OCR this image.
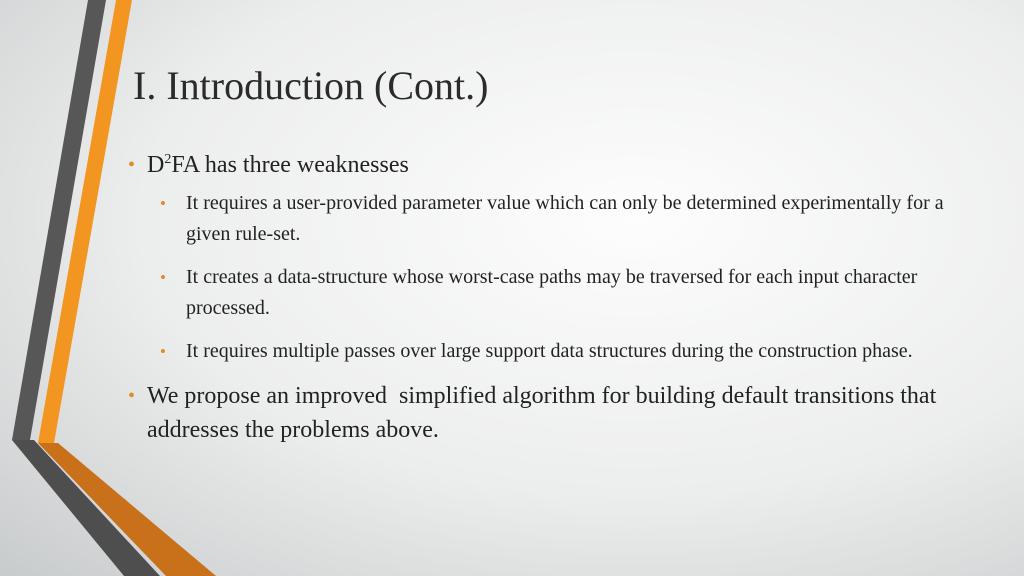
I. Introduction (Cont.)
• $D^2FA$ has three weaknesses
• It requires a user-provided parameter value which can only be determined experimentally for a given rule-set.
• It creates a data-structure whose worst-case paths may be traversed for each input character processed.
• It requires multiple passes over large support data structures during the construction phase.
• We propose an improved  simplified algorithm for building default transitions that addresses the problems above.
